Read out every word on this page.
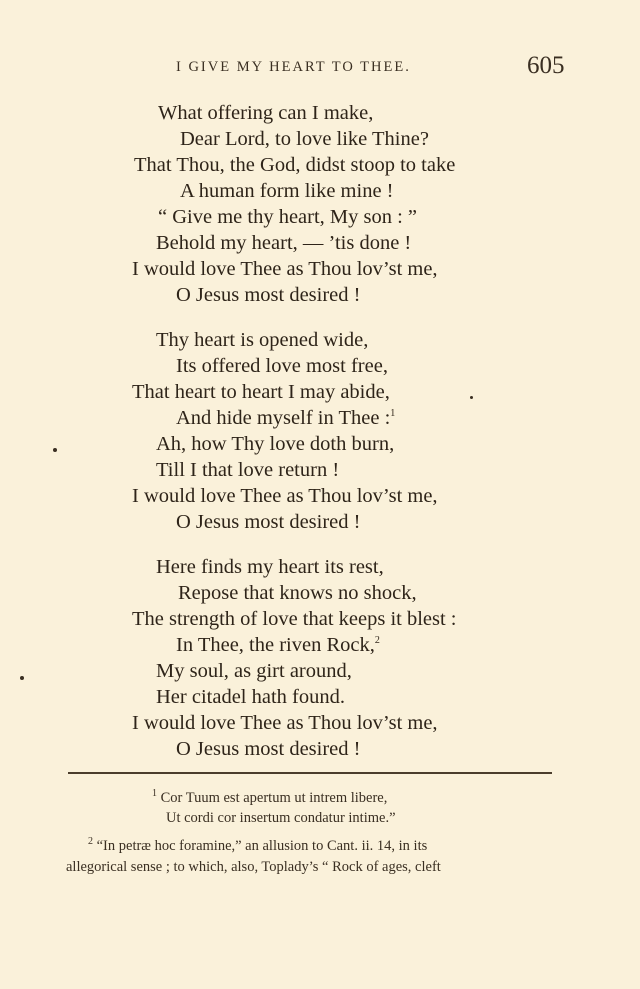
I GIVE MY HEART TO THEE.	605
What offering can I make,
Dear Lord, to love like Thine?
That Thou, the God, didst stoop to take
A human form like mine !
“ Give me thy heart, My son : ”
Behold my heart, — ’tis done !
I would love Thee as Thou lov’st me,
O Jesus most desired !
Thy heart is opened wide,
Its offered love most free,
That heart to heart I may abide,
And hide myself in Thee :$^1$
Ah, how Thy love doth burn,
Till I that love return !
I would love Thee as Thou lov’st me,
O Jesus most desired !
Here finds my heart its rest,
Repose that knows no shock,
The strength of love that keeps it blest :
In Thee, the riven Rock,$^2$
My soul, as girt around,
Her citadel hath found.
I would love Thee as Thou lov’st me,
O Jesus most desired !
$^1$ Cor Tuum est apertum ut intrem libere,
Ut cordi cor insertum condatur intime.”
$^2$ “In petræ hoc foramine,” an allusion to Cant. ii. 14, in its
allegorical sense ; to which, also, Toplady’s “ Rock of ages, cleft
